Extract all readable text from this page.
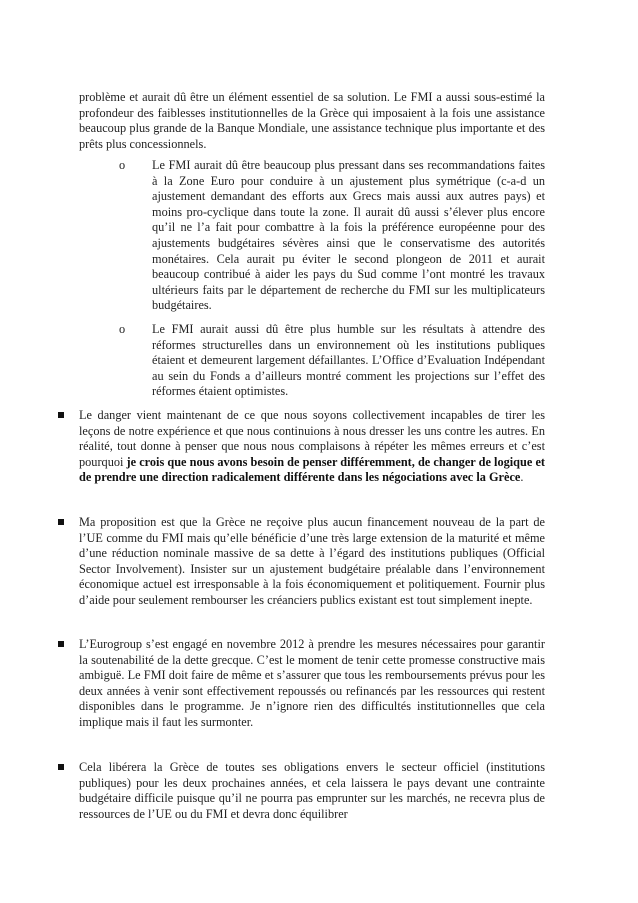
problème et aurait dû être un élément essentiel de sa solution. Le FMI a aussi sous-estimé la profondeur des faiblesses institutionnelles de la Grèce qui imposaient à la fois une assistance beaucoup plus grande de la Banque Mondiale, une assistance technique plus importante et des prêts plus concessionnels.

o	Le FMI aurait dû être beaucoup plus pressant dans ses recommandations faites à la Zone Euro pour conduire à un ajustement plus symétrique (c-a-d un ajustement demandant des efforts aux Grecs mais aussi aux autres pays) et moins pro-cyclique dans toute la zone. Il aurait dû aussi s’élever plus encore qu’il ne l’a fait pour combattre à la fois la préférence européenne pour des ajustements budgétaires sévères ainsi que le conservatisme des autorités monétaires. Cela aurait pu éviter le second plongeon de 2011 et aurait beaucoup contribué à aider les pays du Sud comme l’ont montré les travaux ultérieurs faits par le département de recherche du FMI sur les multiplicateurs budgétaires.
o	Le FMI aurait aussi dû être plus humble sur les résultats à attendre des réformes structurelles dans un environnement où les institutions publiques étaient et demeurent largement défaillantes. L’Office d’Evaluation Indépendant au sein du Fonds a d’ailleurs montré comment les projections sur l’effet des réformes étaient optimistes.
Le danger vient maintenant de ce que nous soyons collectivement incapables de tirer les leçons de notre expérience et que nous continuions à nous dresser les uns contre les autres. En réalité, tout donne à penser que nous nous complaisons à répéter les mêmes erreurs et c’est pourquoi je crois que nous avons besoin de penser différemment, de changer de logique et de prendre une direction radicalement différente dans les négociations avec la Grèce.
Ma proposition est que la Grèce ne reçoive plus aucun financement nouveau de la part de l’UE comme du FMI mais qu’elle bénéficie d’une très large extension de la maturité et même d’une réduction nominale massive de sa dette à l’égard des institutions publiques (Official Sector Involvement). Insister sur un ajustement budgétaire préalable dans l’environnement économique actuel est irresponsable à la fois économiquement et politiquement. Fournir plus d’aide pour seulement rembourser les créanciers publics existant est tout simplement inepte.
L’Eurogroup s’est engagé en novembre 2012 à prendre les mesures nécessaires pour garantir la soutenabilité de la dette grecque. C’est le moment de tenir cette promesse constructive mais ambiguë. Le FMI doit faire de même et s’assurer que tous les remboursements prévus pour les deux années à venir sont effectivement repoussés ou refinancés par les ressources qui restent disponibles dans le programme. Je n’ignore rien des difficultés institutionnelles que cela implique mais il faut les surmonter.
Cela libérera la Grèce de toutes ses obligations envers le secteur officiel (institutions publiques) pour les deux prochaines années, et cela laissera le pays devant une contrainte budgétaire difficile puisque qu’il ne pourra pas emprunter sur les marchés, ne recevra plus de ressources de l’UE ou du FMI et devra donc équilibrer
